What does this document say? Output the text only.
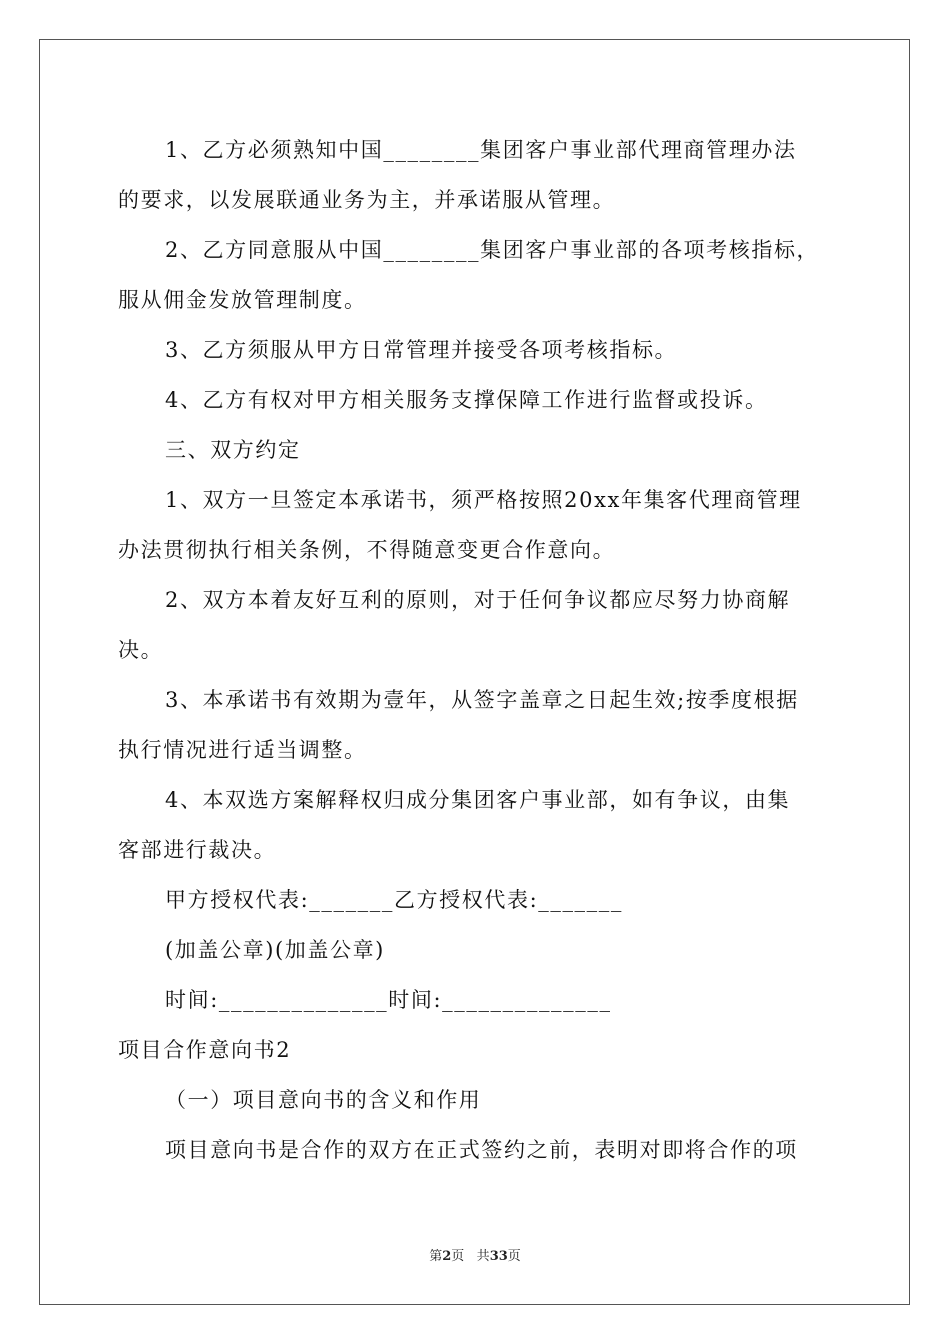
1、乙方必须熟知中国________集团客户事业部代理商管理办法
的要求，以发展联通业务为主，并承诺服从管理。
2、乙方同意服从中国________集团客户事业部的各项考核指标，
服从佣金发放管理制度。
3、乙方须服从甲方日常管理并接受各项考核指标。
4、乙方有权对甲方相关服务支撑保障工作进行监督或投诉。
三、双方约定
1、双方一旦签定本承诺书，须严格按照20xx年集客代理商管理
办法贯彻执行相关条例，不得随意变更合作意向。
2、双方本着友好互利的原则，对于任何争议都应尽努力协商解
决。
3、本承诺书有效期为壹年，从签字盖章之日起生效;按季度根据
执行情况进行适当调整。
4、本双选方案解释权归成分集团客户事业部，如有争议，由集
客部进行裁决。
甲方授权代表:_______乙方授权代表:_______
(加盖公章)(加盖公章)
时间:______________时间:______________
项目合作意向书2
（一）项目意向书的含义和作用
项目意向书是合作的双方在正式签约之前，表明对即将合作的项
第2页 共33页
